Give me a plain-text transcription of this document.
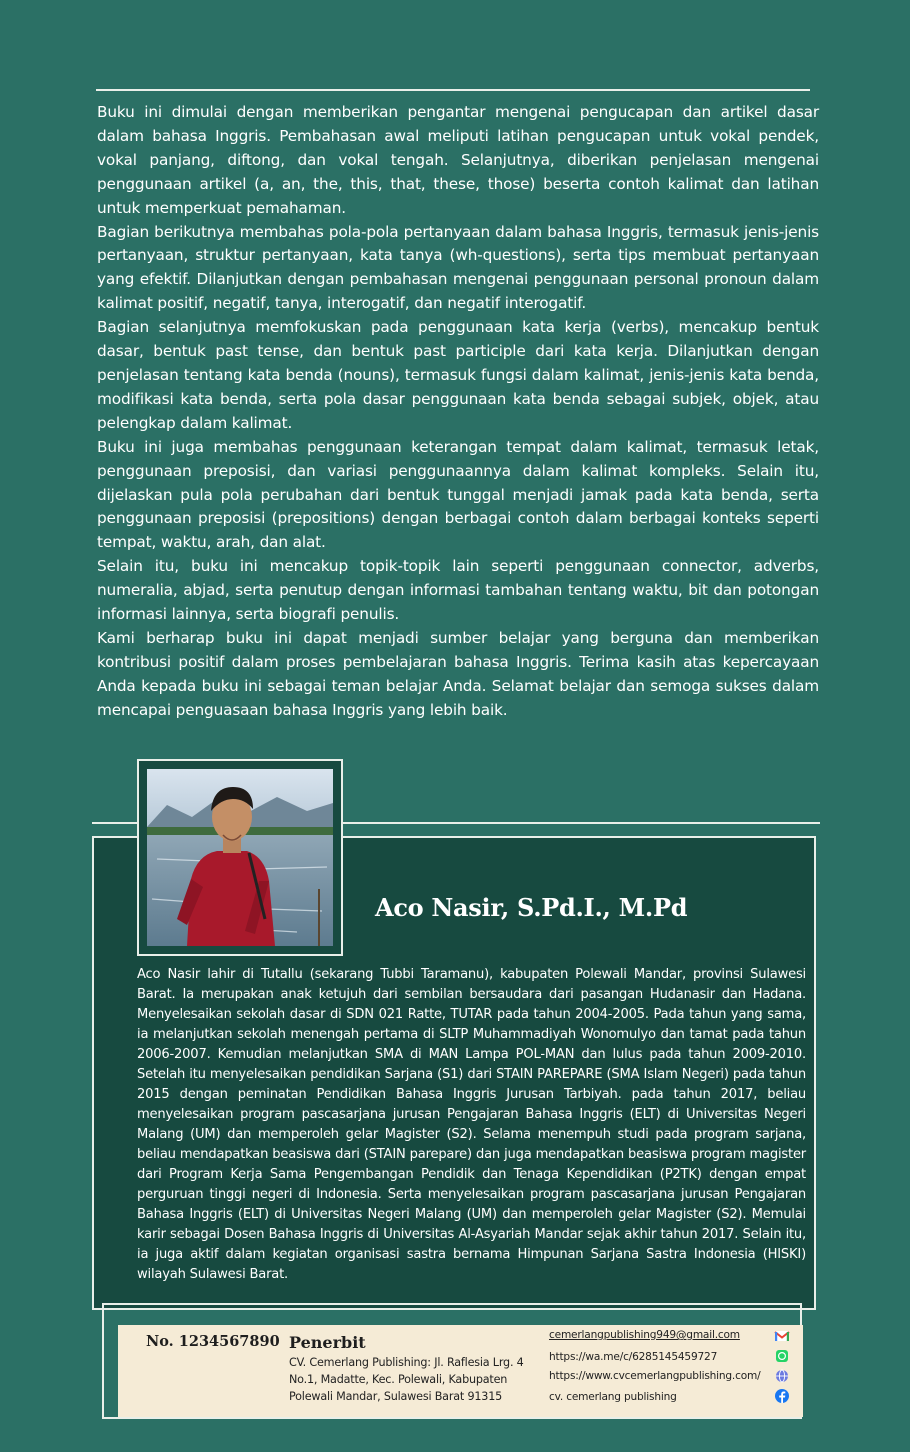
Buku ini dimulai dengan memberikan pengantar mengenai pengucapan dan artikel dasar dalam bahasa Inggris. Pembahasan awal meliputi latihan pengucapan untuk vokal pendek, vokal panjang, diftong, dan vokal tengah. Selanjutnya, diberikan penjelasan mengenai penggunaan artikel (a, an, the, this, that, these, those) beserta contoh kalimat dan latihan untuk memperkuat pemahaman.

Bagian berikutnya membahas pola-pola pertanyaan dalam bahasa Inggris, termasuk jenis-jenis pertanyaan, struktur pertanyaan, kata tanya (wh-questions), serta tips membuat pertanyaan yang efektif. Dilanjutkan dengan pembahasan mengenai penggunaan personal pronoun dalam kalimat positif, negatif, tanya, interogatif, dan negatif interogatif.

Bagian selanjutnya memfokuskan pada penggunaan kata kerja (verbs), mencakup bentuk dasar, bentuk past tense, dan bentuk past participle dari kata kerja. Dilanjutkan dengan penjelasan tentang kata benda (nouns), termasuk fungsi dalam kalimat, jenis-jenis kata benda, modifikasi kata benda, serta pola dasar penggunaan kata benda sebagai subjek, objek, atau pelengkap dalam kalimat.

Buku ini juga membahas penggunaan keterangan tempat dalam kalimat, termasuk letak, penggunaan preposisi, dan variasi penggunaannya dalam kalimat kompleks. Selain itu, dijelaskan pula pola perubahan dari bentuk tunggal menjadi jamak pada kata benda, serta penggunaan preposisi (prepositions) dengan berbagai contoh dalam berbagai konteks seperti tempat, waktu, arah, dan alat.

Selain itu, buku ini mencakup topik-topik lain seperti penggunaan connector, adverbs, numeralia, abjad, serta penutup dengan informasi tambahan tentang waktu, bit dan potongan informasi lainnya, serta biografi penulis.

Kami berharap buku ini dapat menjadi sumber belajar yang berguna dan memberikan kontribusi positif dalam proses pembelajaran bahasa Inggris. Terima kasih atas kepercayaan Anda kepada buku ini sebagai teman belajar Anda. Selamat belajar dan semoga sukses dalam mencapai penguasaan bahasa Inggris yang lebih baik.

Aco Nasir, S.Pd.I., M.Pd

Aco Nasir lahir di Tutallu (sekarang Tubbi Taramanu), kabupaten Polewali Mandar, provinsi Sulawesi Barat. Ia merupakan anak ketujuh dari sembilan bersaudara dari pasangan Hudanasir dan Hadana. Menyelesaikan sekolah dasar di SDN 021 Ratte, TUTAR pada tahun 2004-2005. Pada tahun yang sama, ia melanjutkan sekolah menengah pertama di SLTP Muhammadiyah Wonomulyo dan tamat pada tahun 2006-2007. Kemudian melanjutkan SMA di MAN Lampa POL-MAN dan lulus pada tahun 2009-2010. Setelah itu menyelesaikan pendidikan Sarjana (S1) dari STAIN PAREPARE (SMA Islam Negeri) pada tahun 2015 dengan peminatan Pendidikan Bahasa Inggris Jurusan Tarbiyah. pada tahun 2017, beliau menyelesaikan program pascasarjana jurusan Pengajaran Bahasa Inggris (ELT) di Universitas Negeri Malang (UM) dan memperoleh gelar Magister (S2). Selama menempuh studi pada program sarjana, beliau mendapatkan beasiswa dari (STAIN parepare) dan juga mendapatkan beasiswa program magister dari Program Kerja Sama Pengembangan Pendidik dan Tenaga Kependidikan (P2TK) dengan empat perguruan tinggi negeri di Indonesia. Serta menyelesaikan program pascasarjana jurusan Pengajaran Bahasa Inggris (ELT) di Universitas Negeri Malang (UM) dan memperoleh gelar Magister (S2). Memulai karir sebagai Dosen Bahasa Inggris di Universitas Al-Asyariah Mandar sejak akhir tahun 2017. Selain itu, ia juga aktif dalam kegiatan organisasi sastra bernama Himpunan Sarjana Sastra Indonesia (HISKI) wilayah Sulawesi Barat.

No. 1234567890 Penerbit

CV. Cemerlang Publishing: Jl. Raflesia Lrg. 4 No.1, Madatte, Kec. Polewali, Kabupaten Polewali Mandar, Sulawesi Barat 91315

cemerlangpublishing949@gmail.com
https://wa.me/c/6285145459727
https://www.cvcemerlangpublishing.com/
cv. cemerlang publishing
